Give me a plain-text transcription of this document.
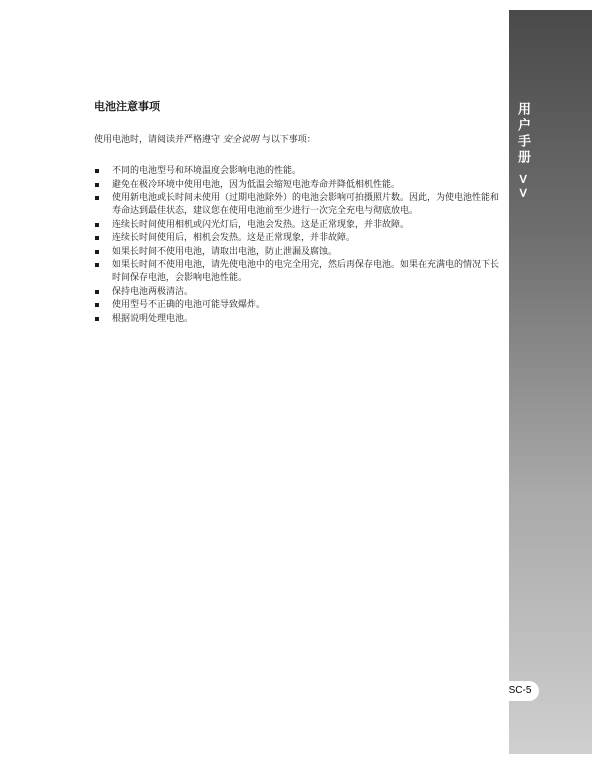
用户手册 >>
SC-5
电池注意事项
使用电池时，请阅读并严格遵守 安全说明 与以下事项：
不同的电池型号和环境温度会影响电池的性能。
避免在极冷环境中使用电池，因为低温会缩短电池寿命并降低相机性能。
使用新电池或长时间未使用（过期电池除外）的电池会影响可拍摄照片数。因此，为使电池性能和寿命达到最佳状态，建议您在使用电池前至少进行一次完全充电与彻底放电。
连续长时间使用相机或闪光灯后，电池会发热。这是正常现象，并非故障。
连续长时间使用后，相机会发热。这是正常现象，并非故障。
如果长时间不使用电池，请取出电池，防止泄漏及腐蚀。
如果长时间不使用电池，请先使电池中的电完全用完，然后再保存电池。如果在充满电的情况下长时间保存电池，会影响电池性能。
保持电池两极清洁。
使用型号不正确的电池可能导致爆炸。
根据说明处理电池。
